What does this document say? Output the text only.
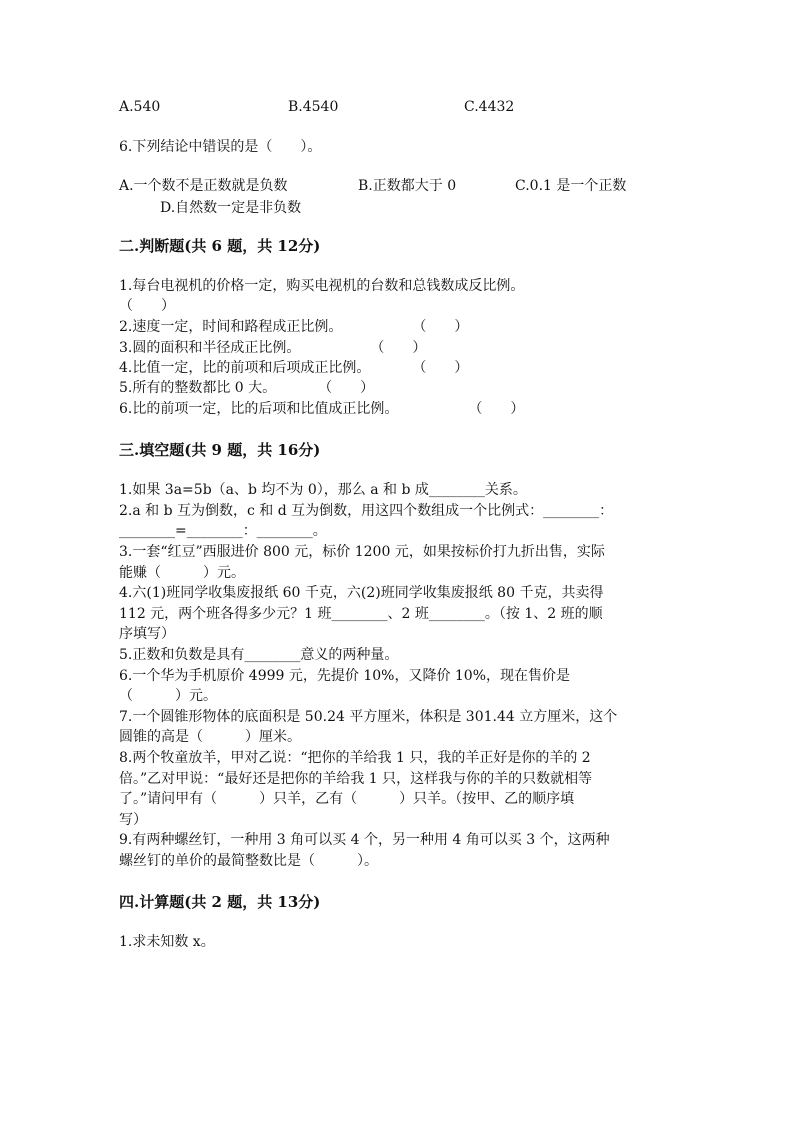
A.540	B.4540	C.4432
6.下列结论中错误的是（　　）。
A.一个数不是正数就是负数	B.正数都大于 0	C.0.1 是一个正数
D.自然数一定是非负数
二.判断题(共 6 题，共 12分)
1.每台电视机的价格一定，购买电视机的台数和总钱数成反比例。
（　　）
2.速度一定，时间和路程成正比例。　　　　　　（　　）
3.圆的面积和半径成正比例。　　　　　　（　　）
4.比值一定，比的前项和后项成正比例。　　　　（　　）
5.所有的整数都比 0 大。　　　　（　　）
6.比的前项一定，比的后项和比值成正比例。　　　　　　（　　）
三.填空题(共 9 题，共 16分)
1.如果 3a=5b（a、b 均不为 0），那么 a 和 b 成________关系。
2.a 和 b 互为倒数，c 和 d 互为倒数，用这四个数组成一个比例式：________：
________=________：________。
3.一套“红豆”西服进价 800 元，标价 1200 元，如果按标价打九折出售，实际
能赚（　　　）元。
4.六(1)班同学收集废报纸 60 千克，六(2)班同学收集废报纸 80 千克，共卖得
112 元，两个班各得多少元？1 班________、2 班________。（按 1、2 班的顺
序填写）
5.正数和负数是具有________意义的两种量。
6.一个华为手机原价 4999 元，先提价 10%，又降价 10%，现在售价是
（　　　）元。
7.一个圆锥形物体的底面积是 50.24 平方厘米，体积是 301.44 立方厘米，这个
圆锥的高是（　　　）厘米。
8.两个牧童放羊，甲对乙说：“把你的羊给我 1 只，我的羊正好是你的羊的 2
倍。”乙对甲说：“最好还是把你的羊给我 1 只，这样我与你的羊的只数就相等
了。”请问甲有（　　　）只羊，乙有（　　　）只羊。（按甲、乙的顺序填
写）
9.有两种螺丝钉，一种用 3 角可以买 4 个，另一种用 4 角可以买 3 个，这两种
螺丝钉的单价的最简整数比是（　　　）。
四.计算题(共 2 题，共 13分)
1.求未知数 x。
